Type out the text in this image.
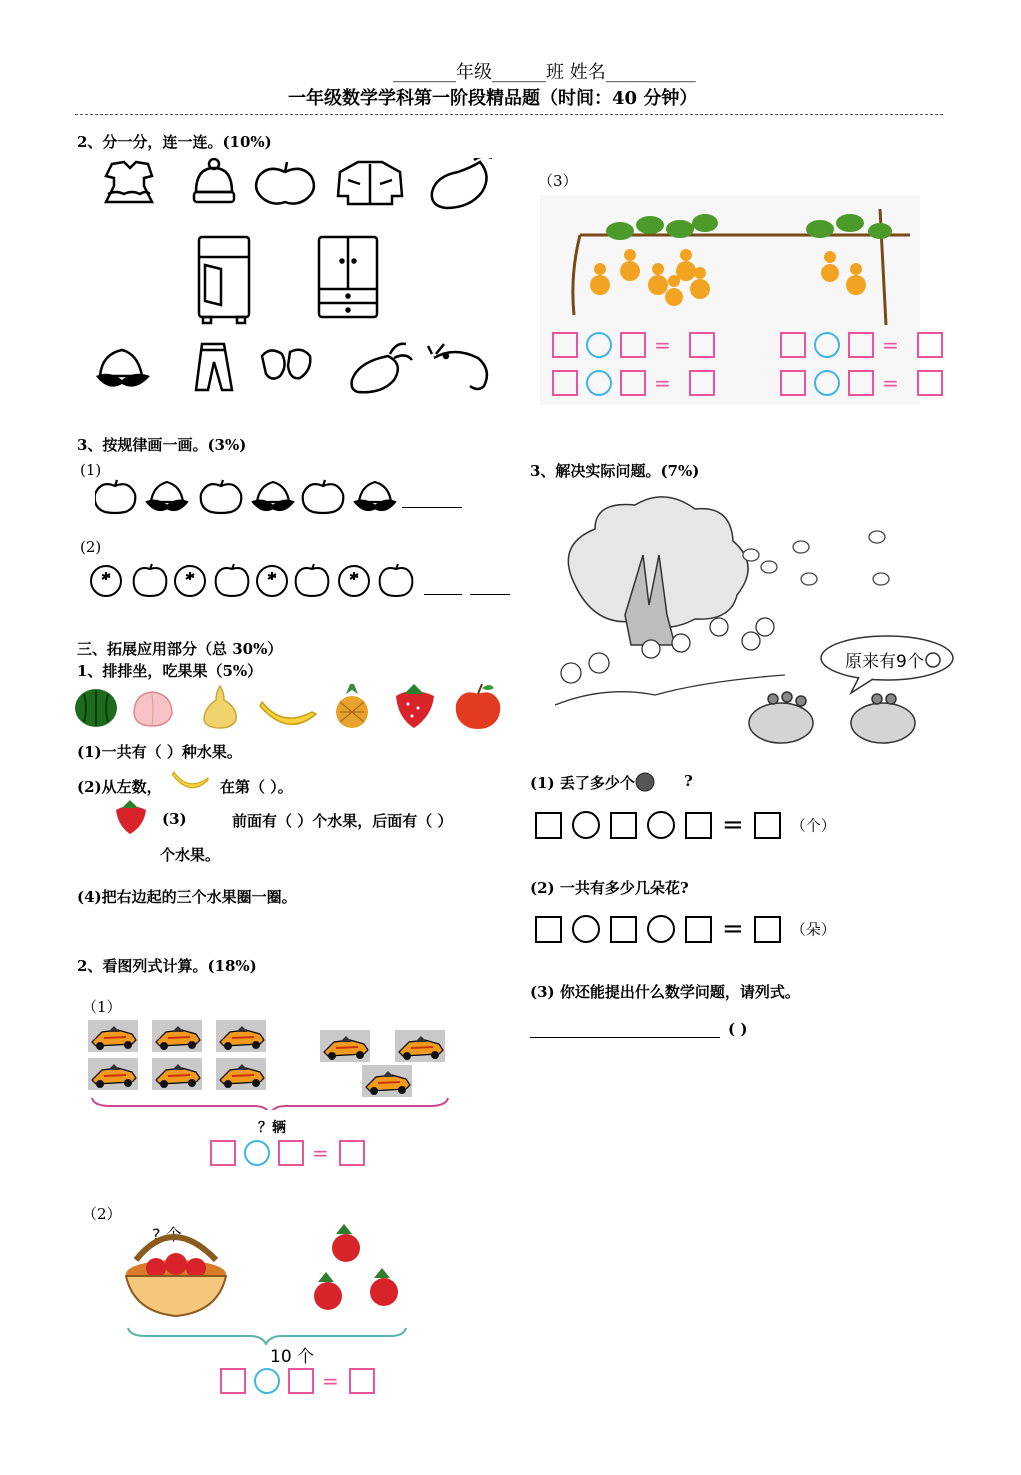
_______年级______班 姓名__________
一年级数学学科第一阶段精品题（时间：40 分钟）
2、分一分，连一连。(10%)
3、按规律画一画。(3%)
(1)
(2)
三、拓展应用部分（总 30%）
1、排排坐，吃果果（5%）
(1)一共有（ ）种水果。
(2)从左数，	在第（ ）。
(3)	前面有（ ）个水果，后面有（ ）
个水果。
(4)把右边起的三个水果圈一圈。
2、看图列式计算。(18%)
（1）
？辆
=
（2）
? 个
10 个
=
（3）
=	=
=	=
3、解决实际问题。(7%)
原来有9个
(1) 丢了多少个	?
=	（个）
(2) 一共有多少几朵花?
=	（朵）
(3) 你还能提出什么数学问题，请列式。
( )
